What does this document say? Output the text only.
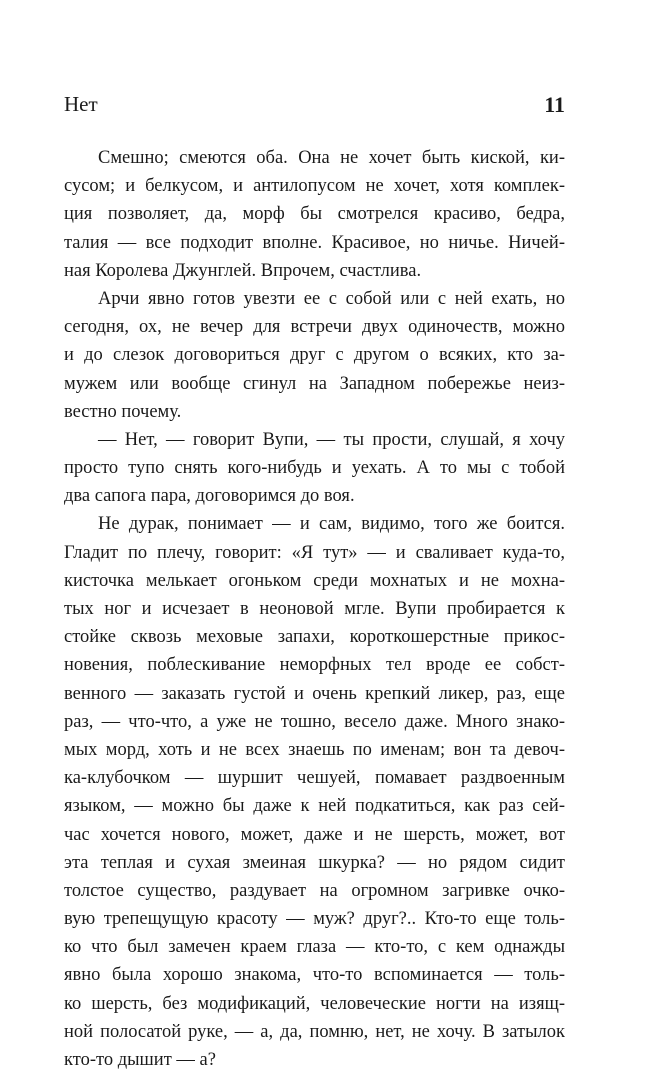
Нет	11
Смешно; смеются оба. Она не хочет быть киской, ки-
сусом; и белкусом, и антилопусом не хочет, хотя комплек-
ция позволяет, да, морф бы смотрелся красиво, бедра,
талия — все подходит вполне. Красивое, но ничье. Ничей-
ная Королева Джунглей. Впрочем, счастлива.
Арчи явно готов увезти ее с собой или с ней ехать, но
сегодня, ох, не вечер для встречи двух одиночеств, можно
и до слезок договориться друг с другом о всяких, кто за-
мужем или вообще сгинул на Западном побережье неиз-
вестно почему.
— Нет, — говорит Вупи, — ты прости, слушай, я хочу
просто тупо снять кого-нибудь и уехать. А то мы с тобой
два сапога пара, договоримся до воя.
Не дурак, понимает — и сам, видимо, того же боится.
Гладит по плечу, говорит: «Я тут» — и сваливает куда-то,
кисточка мелькает огоньком среди мохнатых и не мохна-
тых ног и исчезает в неоновой мгле. Вупи пробирается к
стойке сквозь меховые запахи, короткошерстные прикос-
новения, поблескивание неморфных тел вроде ее собст-
венного — заказать густой и очень крепкий ликер, раз, еще
раз, — что-что, а уже не тошно, весело даже. Много знако-
мых морд, хоть и не всех знаешь по именам; вон та девоч-
ка-клубочком — шуршит чешуей, помавает раздвоенным
языком, — можно бы даже к ней подкатиться, как раз сей-
час хочется нового, может, даже и не шерсть, может, вот
эта теплая и сухая змеиная шкурка? — но рядом сидит
толстое существо, раздувает на огромном загривке очко-
вую трепещущую красоту — муж? друг?.. Кто-то еще толь-
ко что был замечен краем глаза — кто-то, с кем однажды
явно была хорошо знакома, что-то вспоминается — толь-
ко шерсть, без модификаций, человеческие ногти на изящ-
ной полосатой руке, — а, да, помню, нет, не хочу. В затылок
кто-то дышит — а?
